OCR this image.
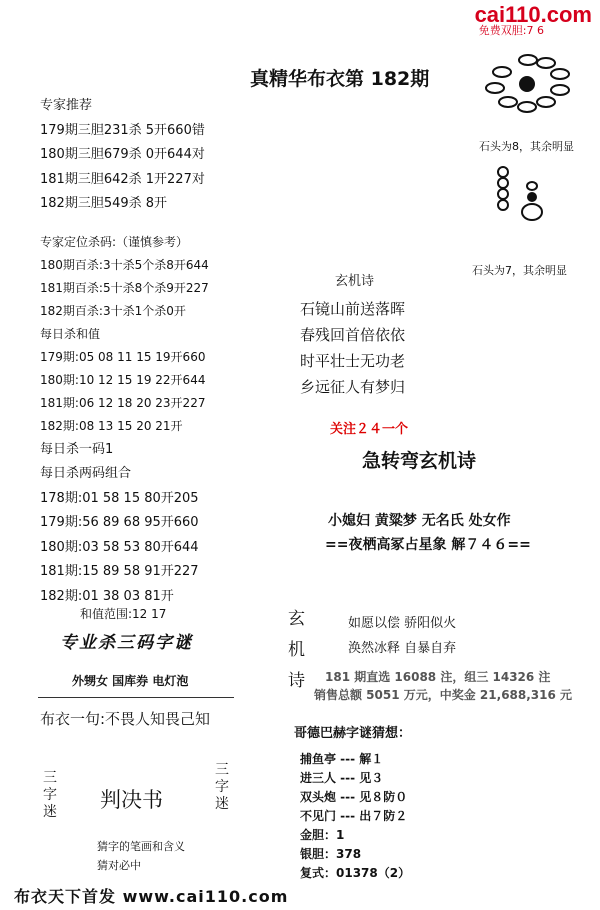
cai110.com
免费双胆:7 6
真精华布衣第 182期
专家推荐
179期三胆231杀 5开660错
180期三胆679杀 0开644对
181期三胆642杀 1开227对
182期三胆549杀 8开
专家定位杀码:（谨慎参考）
180期百杀:3十杀5个杀8开644
181期百杀:5十杀8个杀9开227
182期百杀:3十杀1个杀0开
每日杀和值
179期:05 08 11 15 19开660
180期:10 12 15 19 22开644
181期:06 12 18 20 23开227
182期:08 13 15 20 21开
每日杀一码1
每日杀两码组合
178期:01 58 15 80开205
179期:56 89 68 95开660
180期:03 58 53 80开644
181期:15 89 58 91开227
182期:01 38 03 81开
和值范围:12 17
专业杀三码字谜
外甥女 国库券 电灯泡
布衣一句:不畏人知畏己知
三字迷 判决书
三字迷
猜字的笔画和含义
猜对必中
石头为8，其余明显
石头为7，其余明显
玄机诗
石镜山前送落晖
春残回首倍依依
时平壮士无功老
乡远征人有梦归
关注２４一个
急转弯玄机诗
小媳妇 黄粱梦 无名氏 处女作
==夜栖高冢占星象 解７４６==
玄
机
诗
如愿以偿 骄阳似火
涣然冰释 自暴自弃
181 期直选 16088 注，组三 14326 注
销售总额 5051 万元，中奖金 21,688,316 元
哥德巴赫字谜猜想：
捕鱼亭 --- 解１
进三人 --- 见３
双头炮 --- 见８防０
不见门 --- 出７防２
金胆：1
银胆：378
复式：01378（2）
布衣天下首发 www.cai110.com
